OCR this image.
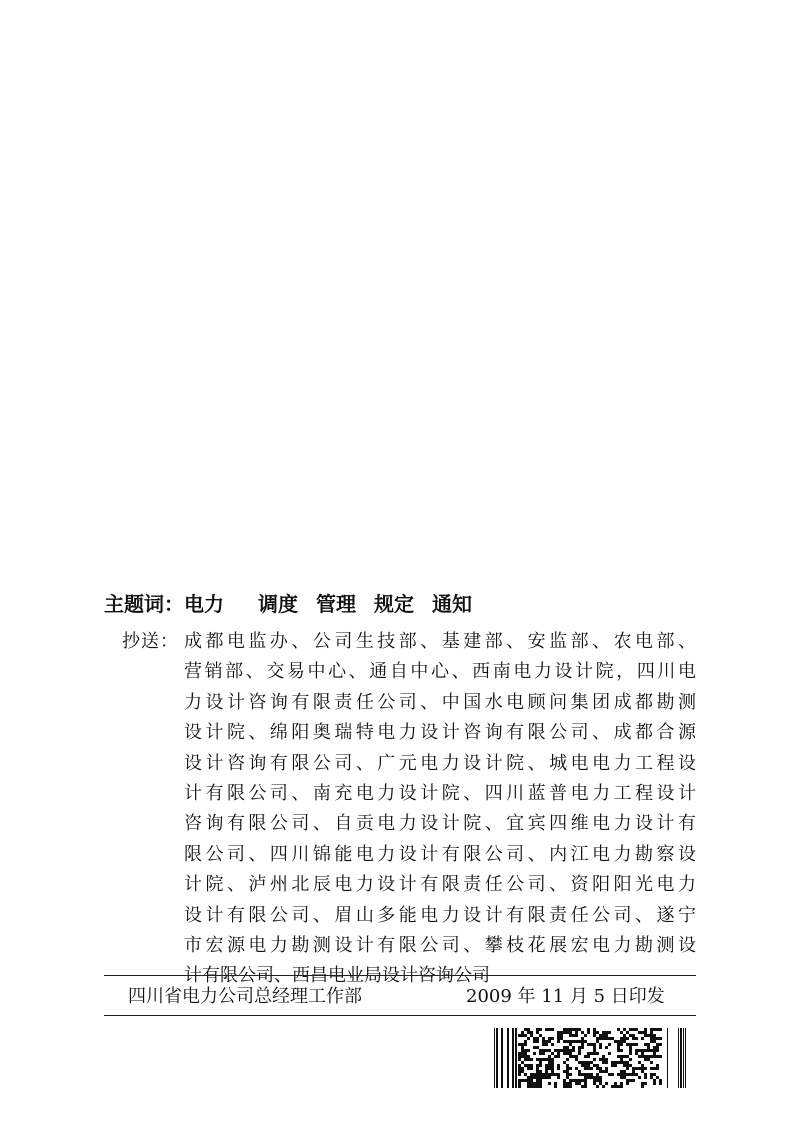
主题词：电力 调度 管理 规定 通知
抄送： 成都电监办、公司生技部、基建部、安监部、农电部、
营销部、交易中心、通自中心、西南电力设计院，四川电
力设计咨询有限责任公司、中国水电顾问集团成都勘测
设计院、绵阳奥瑞特电力设计咨询有限公司、成都合源
设计咨询有限公司、广元电力设计院、城电电力工程设
计有限公司、南充电力设计院、四川蓝普电力工程设计
咨询有限公司、自贡电力设计院、宜宾四维电力设计有
限公司、四川锦能电力设计有限公司、内江电力勘察设
计院、泸州北辰电力设计有限责任公司、资阳阳光电力
设计有限公司、眉山多能电力设计有限责任公司、遂宁
市宏源电力勘测设计有限公司、攀枝花展宏电力勘测设
计有限公司、西昌电业局设计咨询公司
四川省电力公司总经理工作部	2009 年 11 月 5 日印发
